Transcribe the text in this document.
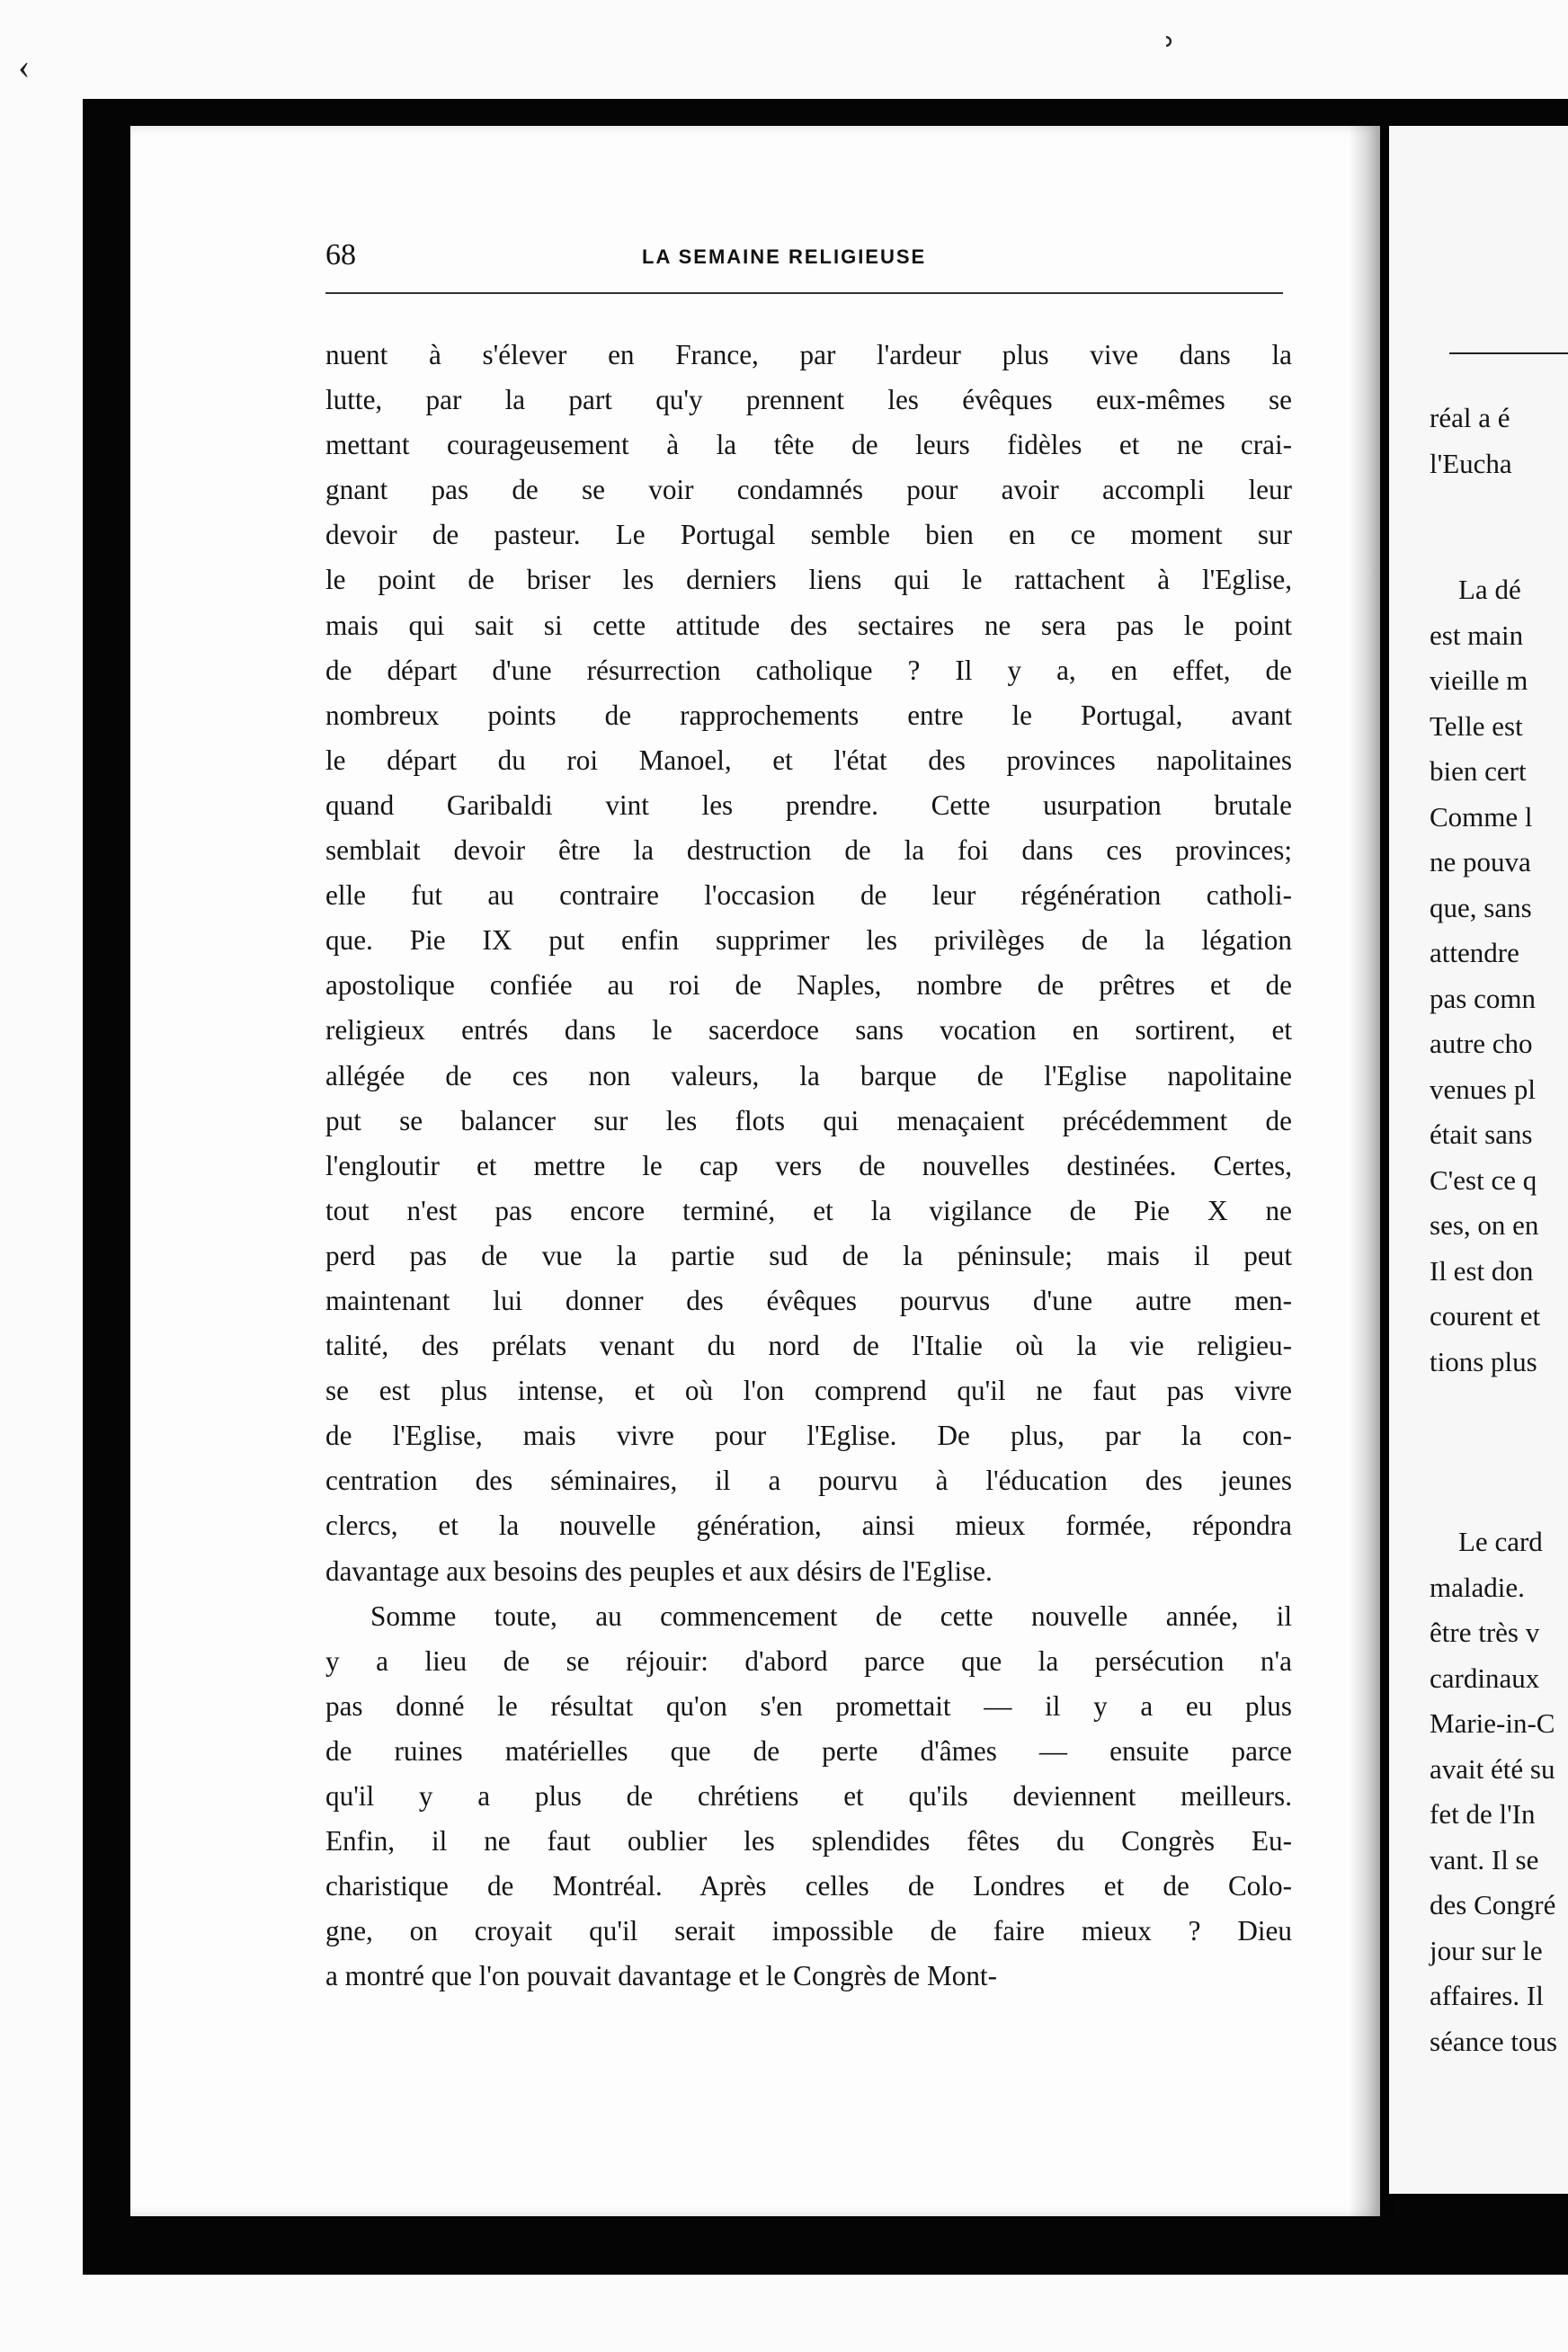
‹	ʾ
68	LA SEMAINE RELIGIEUSE
nuent à s'élever en France, par l'ardeur plus vive dans la
lutte, par la part qu'y prennent les évêques eux-mêmes se
mettant courageusement à la tête de leurs fidèles et ne crai-
gnant pas de se voir condamnés pour avoir accompli leur
devoir de pasteur. Le Portugal semble bien en ce moment sur
le point de briser les derniers liens qui le rattachent à l'Eglise,
mais qui sait si cette attitude des sectaires ne sera pas le point
de départ d'une résurrection catholique ? Il y a, en effet, de
nombreux points de rapprochements entre le Portugal, avant
le départ du roi Manoel, et l'état des provinces napolitaines
quand Garibaldi vint les prendre. Cette usurpation brutale
semblait devoir être la destruction de la foi dans ces provinces;
elle fut au contraire l'occasion de leur régénération catholi-
que. Pie IX put enfin supprimer les privilèges de la légation
apostolique confiée au roi de Naples, nombre de prêtres et de
religieux entrés dans le sacerdoce sans vocation en sortirent, et
allégée de ces non valeurs, la barque de l'Eglise napolitaine
put se balancer sur les flots qui menaçaient précédemment de
l'engloutir et mettre le cap vers de nouvelles destinées. Certes,
tout n'est pas encore terminé, et la vigilance de Pie X ne
perd pas de vue la partie sud de la péninsule; mais il peut
maintenant lui donner des évêques pourvus d'une autre men-
talité, des prélats venant du nord de l'Italie où la vie religieu-
se est plus intense, et où l'on comprend qu'il ne faut pas vivre
de l'Eglise, mais vivre pour l'Eglise. De plus, par la con-
centration des séminaires, il a pourvu à l'éducation des jeunes
clercs, et la nouvelle génération, ainsi mieux formée, répondra
davantage aux besoins des peuples et aux désirs de l'Eglise.
Somme toute, au commencement de cette nouvelle année, il
y a lieu de se réjouir: d'abord parce que la persécution n'a
pas donné le résultat qu'on s'en promettait — il y a eu plus
de ruines matérielles que de perte d'âmes — ensuite parce
qu'il y a plus de chrétiens et qu'ils deviennent meilleurs.
Enfin, il ne faut oublier les splendides fêtes du Congrès Eu-
charistique de Montréal. Après celles de Londres et de Colo-
gne, on croyait qu'il serait impossible de faire mieux ? Dieu
a montré que l'on pouvait davantage et le Congrès de Mont-
réal a é
l'Eucha
La dé
est main
vieille m
Telle est
bien cert
Comme l
ne pouva
que, sans
attendre
pas comn
autre cho
venues pl
était sans
C'est ce q
ses, on en
Il est don
courent et
tions plus
Le card
maladie.
être très v
cardinaux
Marie-in-C
avait été su
fet de l'In
vant. Il se
des Congré
jour sur le
affaires. Il
séance tous
